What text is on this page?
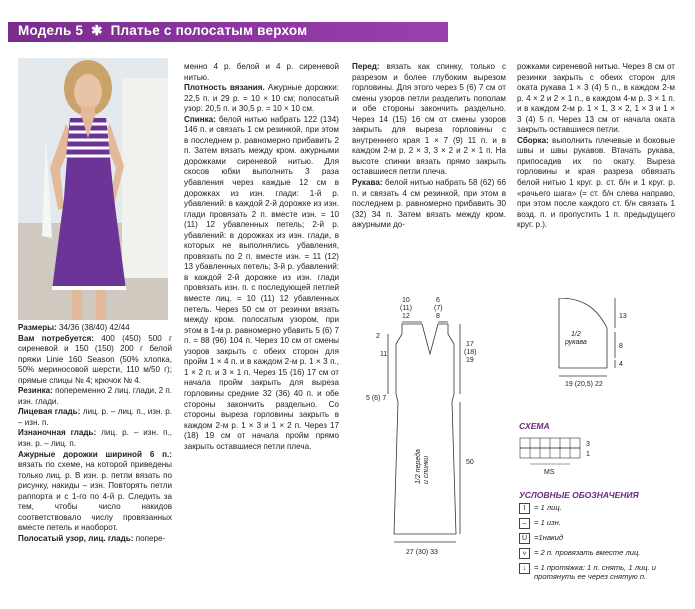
Модель 5 ✱ Платье с полосатым верхом

Размеры: 34/36 (38/40) 42/44

Вам потребуется: 400 (450) 500 г сиреневой и 150 (150) 200 г белой пряжи Linie 160 Season (50% хлопка, 50% мериносовой шерсти, 110 м/50 г); прямые спицы № 4; крючок № 4.

Резинка: попеременно 2 лиц. глади, 2 п. изн. глади.

Лицевая гладь: лиц. р. – лиц. п., изн. р. – изн. п.

Изнаночная гладь: лиц. р. – изн. п., изн. р. – лиц. п.

Ажурные дорожки шириной 6 п.: вязать по схеме, на которой приведены только лиц. р. В изн. р. петли вязать по рисунку, накиды – изн. Повторять петли раппорта и с 1-го по 4-й р. Следить за тем, чтобы число накидов соответствовало числу провязанных вместе петель и наоборот.

Полосатый узор, лиц. гладь: попере-

менно 4 р. белой и 4 р. сиреневой нитью.

Плотность вязания. Ажурные дорожки: 22,5 п. и 29 р. = 10 × 10 см; полосатый узор: 20,5 п. и 30,5 р. = 10 × 10 см.

Спинка: белой нитью набрать 122 (134) 146 п. и связать 1 см резинкой, при этом в последнем р. равномерно прибавить 2 п. Затем вязать между кром. ажурными дорожками сиреневой нитью. Для скосов юбки выполнить 3 раза убавления через каждые 12 см в дорожках из изн. глади: 1-й р. убавлений: в каждой 2-й дорожке из изн. глади провязать 2 п. вместе изн. = 10 (11) 12 убавленных петель; 2-й р. убавлений: в дорожках из изн. глади, в которых не выполнялись убавления, провязать по 2 п. вместе изн. = 11 (12) 13 убавленных петель; 3-й р. убавлений: в каждой 2-й дорожке из изн. глади провязать изн. п. с последующей петлей вместе лиц. = 10 (11) 12 убавленных петель. Через 50 см от резинки вязать между кром. полосатым узором, при этом в 1-м р. равномерно убавить 5 (6) 7 п. = 88 (96) 104 п. Через 10 см от смены узоров закрыть с обеих сторон для пройм 1 × 4 п. и в каждом 2-м р. 1 × 3 п., 1 × 2 п. и 3 × 1 п. Через 15 (16) 17 см от начала пройм закрыть для выреза горловины средние 32 (36) 40 п. и обе стороны закончить раздельно. Со стороны выреза горловины закрыть в каждом 2-м р. 1 × 3 и 1 × 2 п. Через 17 (18) 19 см от начала пройм прямо закрыть оставшиеся петли плеча.

Перед: вязать как спинку, только с разрезом и более глубоким вырезом горловины. Для этого через 5 (6) 7 см от смены узоров петли разделить пополам и обе стороны закончить раздельно. Через 14 (15) 16 см от смены узоров закрыть для выреза горловины с внутреннего края 1 × 7 (9) 11 п. и в каждом 2-м р. 2 × 3, 3 × 2 и 2 × 1 п. На высоте спинки вязать прямо закрыть оставшиеся петли плеча.

Рукава: белой нитью набрать 58 (62) 66 п. и связать 4 см резинкой, при этом в последнем р. равномерно прибавить 30 (32) 34 п. Затем вязать между кром. ажурными до-

рожками сиреневой нитью. Через 8 см от резинки закрыть с обеих сторон для оката рукава 1 × 3 (4) 5 п., в каждом 2-м р. 4 × 2 и 2 × 1 п., в каждом 4-м р. 3 × 1 п. и в каждом 2-м р. 1 × 1, 3 × 2, 1 × 3 и 1 × 3 (4) 5 п. Через 13 см от начала оката закрыть оставшиеся петли.

Сборка: выполнить плечевые и боковые швы и швы рукавов. Втачать рукава, припосадив их по окату. Выреза горловины и края разреза обвязать белой нитью 1 круг. р. ст. б/н и 1 круг. р. «рачьего шага» (= ст. б/н слева направо, при этом после каждого ст. б/н связать 1 возд. п. и пропустить 1 п. предыдущего круг. р.).

10
(11)
12
6
(7)
8
2
11
5 (6) 7
17
(18)
19
50
27 (30) 33
1/2 переда и спинки
1/2
рукава
13
8
4
19 (20,5) 22
СХЕМА
3
1
MS
УСЛОВНЫЕ ОБОЗНАЧЕНИЯ
I	= 1 лиц.
– = 1 изн.
U =1накид
⩒ = 2 п. провязать вместе лиц.
↓	= 1 протяжка: 1 п. снять, 1 лиц. и протянуть ее через снятую п.
